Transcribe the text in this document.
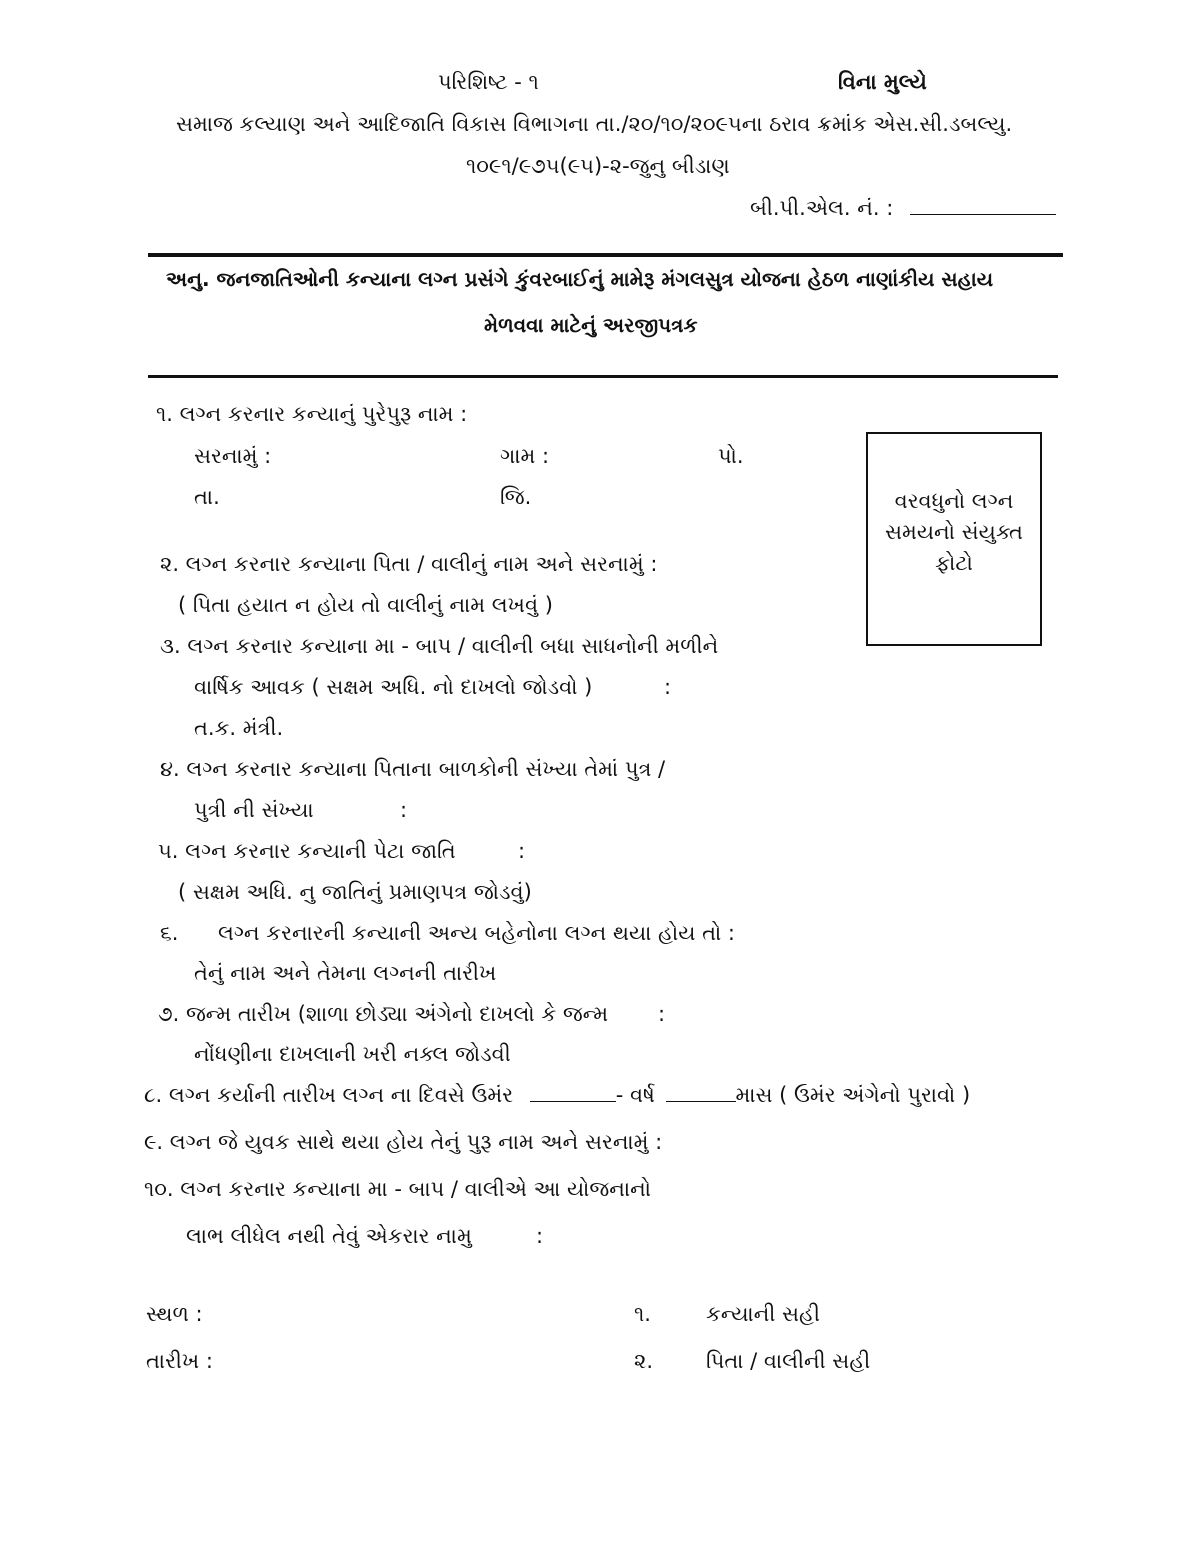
પરિશિષ્ટ - ૧	વિના મુલ્યે
સમાજ કલ્યાણ અને આદિજાતિ વિકાસ વિભાગના તા./૨૦/૧૦/૨૦૯૫ના ઠરાવ ક્રમાંક એસ.સી.ડબલ્યુ.
૧૦૯૧/૯૭૫(૯૫)-૨-જુનુ બીડાણ
બી.પી.એલ. નં. :
અનુ. જનજાતિઓની કન્યાના લગ્ન પ્રસંગે કુંવરબાઈનું મામેરૂ મંગલસુત્ર યોજના હેઠળ નાણાંકીય સહાય
મેળવવા માટેનું અરજીપત્રક
વરવધુનો લગ્ન
સમયનો સંયુક્ત
ફોટો
૧. લગ્ન કરનાર કન્યાનું પુરેપુરૂ નામ :
સરનામું :	ગામ :	પો.
તા.	જિ.
૨. લગ્ન કરનાર કન્યાના પિતા / વાલીનું નામ અને સરનામું :
( પિતા હયાત ન હોય તો વાલીનું નામ લખવું )
૩. લગ્ન કરનાર કન્યાના મા - બાપ / વાલીની બધા સાધનોની મળીને
વાર્ષિક આવક ( સક્ષમ અધિ. નો દાખલો જોડવો )	:
ત.ક. મંત્રી.
૪. લગ્ન કરનાર કન્યાના પિતાના બાળકોની સંખ્યા તેમાં પુત્ર /
પુત્રી ની સંખ્યા	:
૫. લગ્ન કરનાર કન્યાની પેટા જાતિ	:
( સક્ષમ અધિ. નુ જાતિનું પ્રમાણપત્ર જોડવું)
૬. લગ્ન કરનારની કન્યાની અન્ય બહેનોના લગ્ન થયા હોય તો :
તેનું નામ અને તેમના લગ્નની તારીખ
૭. જન્મ તારીખ (શાળા છોડ્યા અંગેનો દાખલો કે જન્મ :
નોંધણીના દાખલાની ખરી નક્લ જોડવી
૮. લગ્ન કર્યાની તારીખ લગ્ન ના દિવસે ઉમંર	- વર્ષ	માસ ( ઉમંર અંગેનો પુરાવો )
૯. લગ્ન જે યુવક સાથે થયા હોય તેનું પુરૂ નામ અને સરનામું :
૧૦. લગ્ન કરનાર કન્યાના મા - બાપ / વાલીએ આ યોજનાનો
લાભ લીધેલ નથી તેવું એકરાર નામુ	:
સ્થળ :
તારીખ :
૧.	કન્યાની સહી
૨.	પિતા / વાલીની સહી
